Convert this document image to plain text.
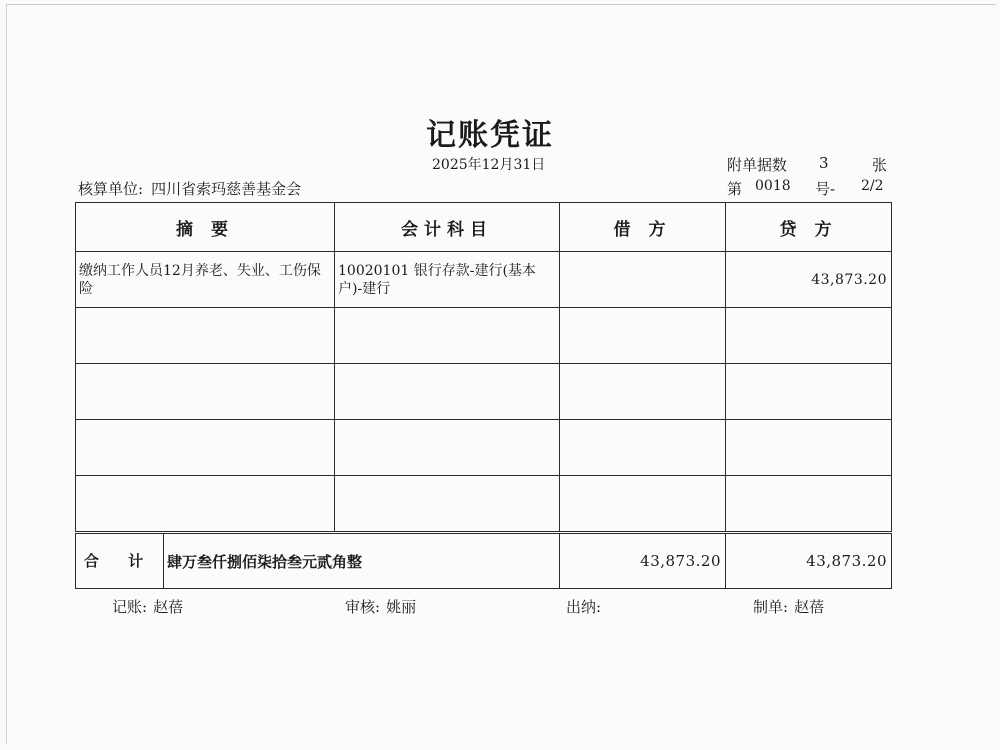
记账凭证
2025年12月31日	附单据数 3	张
核算单位: 四川省索玛慈善基金会	第 0018 号- 2/2
摘 要	会计科目	借 方	贷 方

缴纳工作人员12月养老、失业、工伤保险	10020101 银行存款-建行(基本户)-建行		43,873.20

合 计 肆万叁仟捌佰柒拾叁元贰角整		43,873.20	43,873.20
记账: 赵蓓	审核: 姚丽	出纳:	制单: 赵蓓
